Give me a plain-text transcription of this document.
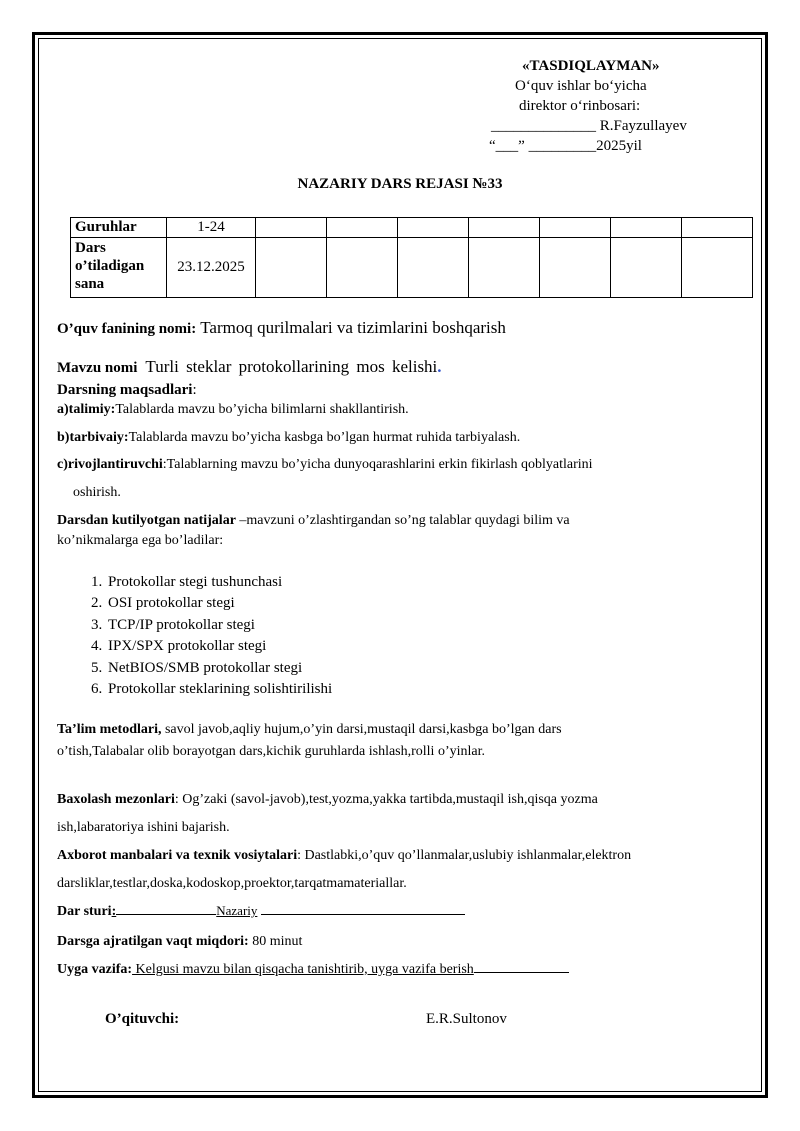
«TASDIQLAYMAN»
O‘quv ishlar bo‘yicha
direktor o‘rinbosari:
______________ R.Fayzullayev
“___” _________2025yil
NAZARIY DARS REJASI №33
Guruhlar	1-24							

Dars
o’tiladigan
sana	23.12.2025							
O’quv fanining nomi: Tarmoq qurilmalari va tizimlarini boshqarish
Mavzu nomi Turli steklar protokollarining mos kelishi.
Darsning maqsadlari:
a)talimiy:Talablarda mavzu bo’yicha bilimlarni shakllantirish.
b)tarbivaiy:Talablarda mavzu bo’yicha kasbga bo’lgan hurmat ruhida tarbiyalash.
c)rivojlantiruvchi:Talablarning mavzu bo’yicha dunyoqarashlarini erkin fikirlash qoblyatlarini
oshirish.
Darsdan kutilyotgan natijalar –mavzuni o’zlashtirgandan so’ng talablar quydagi bilim va
ko’nikmalarga ega bo’ladilar:
1. Protokollar stegi tushunchasi
2. OSI protokollar stegi
3. TCP/IP protokollar stegi
4. IPX/SPX protokollar stegi
5. NetBIOS/SMB protokollar stegi
6. Protokollar steklarining solishtirilishi
Ta’lim metodlari, savol javob,aqliy hujum,o’yin darsi,mustaqil darsi,kasbga bo’lgan dars
o’tish,Talabalar olib borayotgan dars,kichik guruhlarda ishlash,rolli o’yinlar.
Baxolash mezonlari: Og’zaki (savol-javob),test,yozma,yakka tartibda,mustaqil ish,qisqa yozma
ish,labaratoriya ishini bajarish.
Axborot manbalari va texnik vosiytalari: Dastlabki,o’quv qo’llanmalar,uslubiy ishlanmalar,elektron
darsliklar,testlar,doska,kodoskop,proektor,tarqatmamateriallar.
Dar sturi:	Nazariy
Darsga ajratilgan vaqt miqdori: 80 minut
Uyga vazifa: Kelgusi mavzu bilan qisqacha tanishtirib, uyga vazifa berish
O’qituvchi:	E.R.Sultonov
